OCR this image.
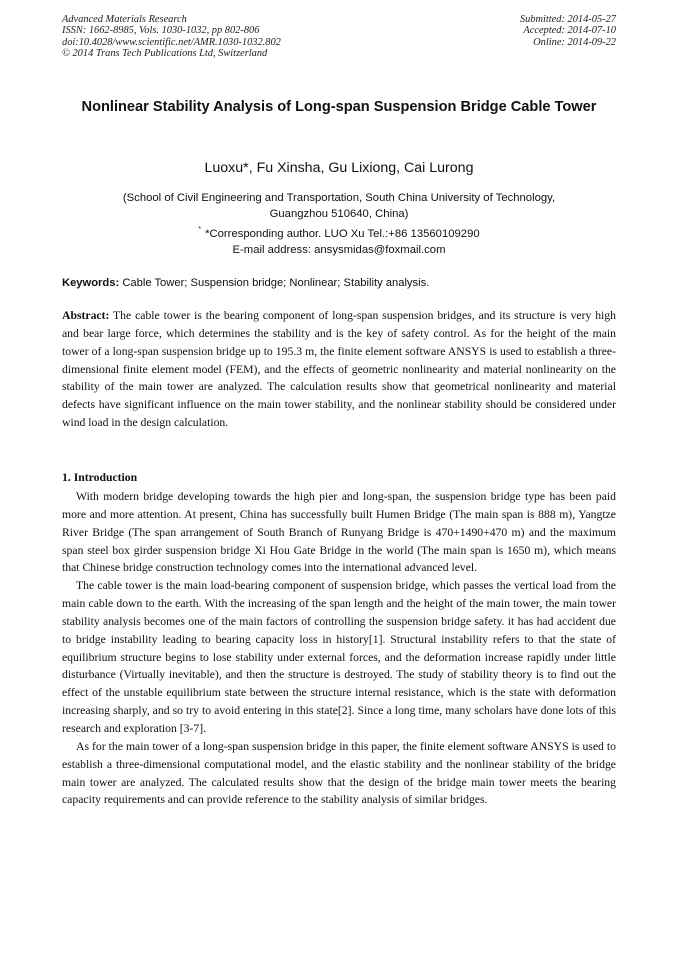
Advanced Materials Research
ISSN: 1662-8985, Vols. 1030-1032, pp 802-806
doi:10.4028/www.scientific.net/AMR.1030-1032.802
© 2014 Trans Tech Publications Ltd, Switzerland
Submitted: 2014-05-27
Accepted: 2014-07-10
Online: 2014-09-22
Nonlinear Stability Analysis of Long-span Suspension Bridge Cable Tower
Luoxu*, Fu Xinsha, Gu Lixiong, Cai Lurong
(School of Civil Engineering and Transportation, South China University of Technology,
Guangzhou 510640, China)
* *Corresponding author. LUO Xu Tel.:+86 13560109290
E-mail address: ansysmidas@foxmail.com
Keywords: Cable Tower; Suspension bridge; Nonlinear; Stability analysis.
Abstract: The cable tower is the bearing component of long-span suspension bridges, and its structure is very high and bear large force, which determines the stability and is the key of safety control. As for the height of the main tower of a long-span suspension bridge up to 195.3 m, the finite element software ANSYS is used to establish a three-dimensional finite element model (FEM), and the effects of geometric nonlinearity and material nonlinearity on the stability of the main tower are analyzed. The calculation results show that geometrical nonlinearity and material defects have significant influence on the main tower stability, and the nonlinear stability should be considered under wind load in the design calculation.
1. Introduction

With modern bridge developing towards the high pier and long-span, the suspension bridge type has been paid more and more attention. At present, China has successfully built Humen Bridge (The main span is 888 m), Yangtze River Bridge (The span arrangement of South Branch of Runyang Bridge is 470+1490+470 m) and the maximum span steel box girder suspension bridge Xi Hou Gate Bridge in the world (The main span is 1650 m), which means that Chinese bridge construction technology comes into the international advanced level.

The cable tower is the main load-bearing component of suspension bridge, which passes the vertical load from the main cable down to the earth. With the increasing of the span length and the height of the main tower, the main tower stability analysis becomes one of the main factors of controlling the suspension bridge safety. it has had accident due to bridge instability leading to bearing capacity loss in history[1]. Structural instability refers to that the state of equilibrium structure begins to lose stability under external forces, and the deformation increase rapidly under little disturbance (Virtually inevitable), and then the structure is destroyed. The study of stability theory is to find out the effect of the unstable equilibrium state between the structure internal resistance, which is the state with deformation increasing sharply, and so try to avoid entering in this state[2]. Since a long time, many scholars have done lots of this research and exploration [3-7].

As for the main tower of a long-span suspension bridge in this paper, the finite element software ANSYS is used to establish a three-dimensional computational model, and the elastic stability and the nonlinear stability of the bridge main tower are analyzed. The calculated results show that the design of the bridge main tower meets the bearing capacity requirements and can provide reference to the stability analysis of similar bridges.
